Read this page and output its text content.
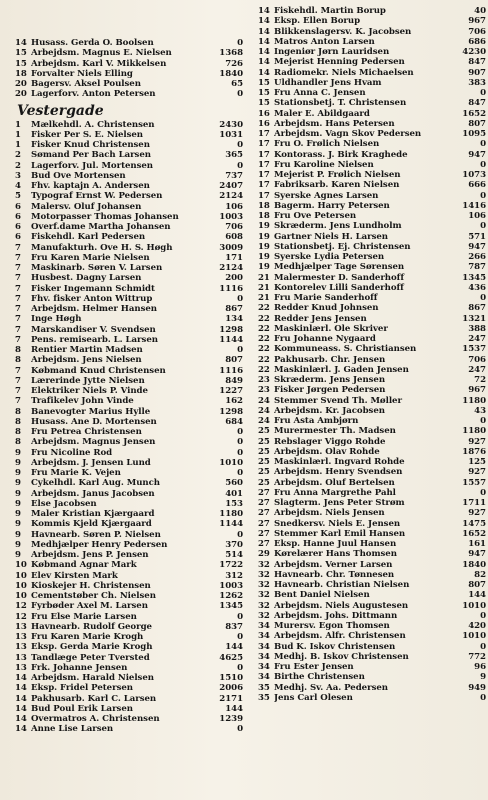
14 Husass. Gerda O. Boolsen	0
15 Arbejdsm. Magnus E. Nielsen	1368
15 Arbejdsm. Karl V. Mikkelsen	726
18 Forvalter Niels Elling	1840
20 Bagersv. Aksel Poulsen	65
20 Lagerforv. Anton Petersen	0
Vestergade
1	Mælkehdl. A. Christensen	2430
1	Fisker Per S. E. Nielsen	1031
1	Fisker Knud Christensen	0
2	Sømand Per Bach Larsen	365
2	Lagerforv. Jul. Mortensen	0
3	Bud Ove Mortensen	737
4	Fhv. kaptajn A. Andersen	2407
5	Typograf Ernst W. Pedersen	2124
6	Malersv. Oluf Johansen	106
6	Motorpasser Thomas Johansen	1003
6	Overf.dame Martha Johansen	706
6	Fiskehdl. Karl Pedersen	608
7	Manufakturh. Ove H. S. Høgh	3009
7	Fru Karen Marie Nielsen	171
7	Maskinarb. Søren V. Larsen	2124
7	Husbest. Dagny Larsen	200
7	Fisker Ingemann Schmidt	1116
7	Fhv. fisker Anton Wittrup	0
7	Arbejdsm. Helmer Hansen	867
7	Inge Høgh	134
7	Marskandiser V. Svendsen	1298
7	Pens. remisearb. L. Larsen	1144
8	Rentier Martin Madsen	0
8	Arbejdsm. Jens Nielsen	807
7	Købmand Knud Christensen	1116
7	Lærerinde Jytte Nielsen	849
7	Elektriker Niels P. Vinde	1227
7	Trafikelev John Vinde	162
8	Banevogter Marius Hylle	1298
8	Husass. Ane D. Mortensen	684
8	Fru Petrea Christensen	0
8	Arbejdsm. Magnus Jensen	0
9	Fru Nicoline Rod	0
9	Arbejdsm. J. Jensen Lund	1010
9	Fru Marie K. Vejen	0
9	Cykelhdl. Karl Aug. Munch	560
9	Arbejdsm. Janus Jacobsen	401
9	Else Jacobsen	153
9	Maler Kristian Kjærgaard	1180
9	Kommis Kjeld Kjærgaard	1144
9	Havnearb. Søren P. Nielsen	0
9	Medhjælper Henry Pedersen	370
9	Arbejdsm. Jens P. Jensen	514
10 Købmand Agnar Mark	1722
10 Elev Kirsten Mark	312
10 Kioskejer H. Christensen	1003
10 Cementstøber Ch. Nielsen	1262
12 Fyrbøder Axel M. Larsen	1345
12 Fru Else Marie Larsen	0
13 Havnearb. Rudolf George	837
13 Fru Karen Marie Krogh	0
13 Eksp. Gerda Marie Krogh	144
13 Tandlæge Peter Tversted	4625
13 Frk. Johanne Jensen	0
14 Arbejdsm. Harald Nielsen	1510
14 Eksp. Fridel Petersen	2006
14 Pakhusarb. Karl C. Larsen	2171
14 Bud Poul Erik Larsen	144
14 Overmatros A. Christensen	1239
14 Anne Lise Larsen	0
14 Fiskehdl. Martin Borup	40
14 Eksp. Ellen Borup	967
14 Blikkenslagersv. K. Jacobsen	706
14 Matros Anton Larsen	686
14 Ingeniør Jørn Lauridsen	4230
14 Mejerist Henning Pedersen	847
14 Radiomekr. Niels Michaelsen	907
15 Uldhandler Jens Hvam	383
15 Fru Anna C. Jensen	0
15 Stationsbetj. T. Christensen	847
16 Maler E. Abildgaard	1652
16 Arbejdsm. Hans Petersen	807
17 Arbejdsm. Vagn Skov Pedersen	1095
17 Fru O. Frølich Nielsen	0
17 Kontorass. J. Birk Kraghede	947
17 Fru Karoline Nielsen	0
17 Mejerist P. Frølich Nielsen	1073
17 Fabriksarb. Karen Nielsen	666
17 Syerske Agnes Larsen	0
18 Bagerm. Harry Petersen	1416
18 Fru Ove Petersen	106
19 Skræderm. Jens Lundholm	0
19 Gartner Niels H. Larsen	571
19 Stationsbetj. Ej. Christensen	947
19 Syerske Lydia Petersen	266
19 Medhjælper Tage Sørensen	787
21 Malermester D. Sanderhoff	1345
21 Kontorelev Lilli Sanderhoff	436
21 Fru Marie Sanderhoff	0
22 Redder Knud Johnsen	867
22 Redder Jens Jensen	1321
22 Maskinlærl. Ole Skriver	388
22 Fru Johanne Nygaard	247
22 Kommuneass. S. Christiansen	1537
22 Pakhusarb. Chr. Jensen	706
22 Maskinlærl. J. Gaden Jensen	247
23 Skræderm. Jens Jensen	72
23 Fisker Jørgen Pedersen	967
24 Stemmer Svend Th. Møller	1180
24 Arbejdsm. Kr. Jacobsen	43
24 Fru Asta Ambjørn	0
25 Murermester Th. Madsen	1180
25 Rebslager Viggo Rohde	927
25 Arbejdsm. Olav Rohde	1876
25 Maskinlærl. Ingvard Rohde	125
25 Arbejdsm. Henry Svendsen	927
25 Arbejdsm. Oluf Bertelsen	1557
27 Fru Anna Margrethe Pahl	0
27 Slagterm. Jens Peter Strøm	1711
27 Arbejdsm. Niels Jensen	927
27 Snedkersv. Niels E. Jensen	1475
27 Stemmer Karl Emil Hansen	1652
27 Eksp. Hanne Juul Hansen	161
29 Kørelærer Hans Thomsen	947
32 Arbejdsm. Verner Larsen	1840
32 Havnearb. Chr. Tønnesen	82
32 Havnearb. Christian Nielsen	807
32 Bent Daniel Nielsen	144
32 Arbejdsm. Niels Augustesen	1010
32 Arbejdsm. Johs. Dittmann	0
34 Murersv. Egon Thomsen	420
34 Arbejdsm. Alfr. Christensen	1010
34 Bud K. Iskov Christensen	0
34 Medhj. B. Iskov Christensen	772
34 Fru Ester Jensen	96
34 Birthe Christensen	9
35 Medhj. Sv. Aa. Pedersen	949
35 Jens Carl Olesen	0
